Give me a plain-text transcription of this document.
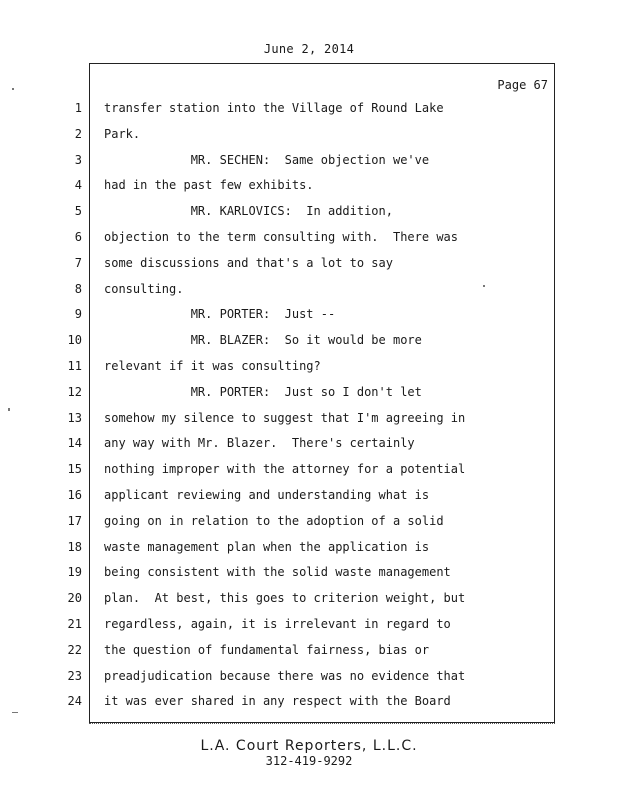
June 2, 2014
Page 67
1
2
3
4
5
6
7
8
9
10
11
12
13
14
15
16
17
18
19
20
21
22
23
24
transfer station into the Village of Round Lake
Park.
MR. SECHEN:  Same objection we've
had in the past few exhibits.
MR. KARLOVICS:  In addition,
objection to the term consulting with.  There was
some discussions and that's a lot to say
consulting.
MR. PORTER:  Just --
MR. BLAZER:  So it would be more
relevant if it was consulting?
MR. PORTER:  Just so I don't let
somehow my silence to suggest that I'm agreeing in
any way with Mr. Blazer.  There's certainly
nothing improper with the attorney for a potential
applicant reviewing and understanding what is
going on in relation to the adoption of a solid
waste management plan when the application is
being consistent with the solid waste management
plan.  At best, this goes to criterion weight, but
regardless, again, it is irrelevant in regard to
the question of fundamental fairness, bias or
preadjudication because there was no evidence that
it was ever shared in any respect with the Board
L.A. Court Reporters, L.L.C.
312-419-9292
